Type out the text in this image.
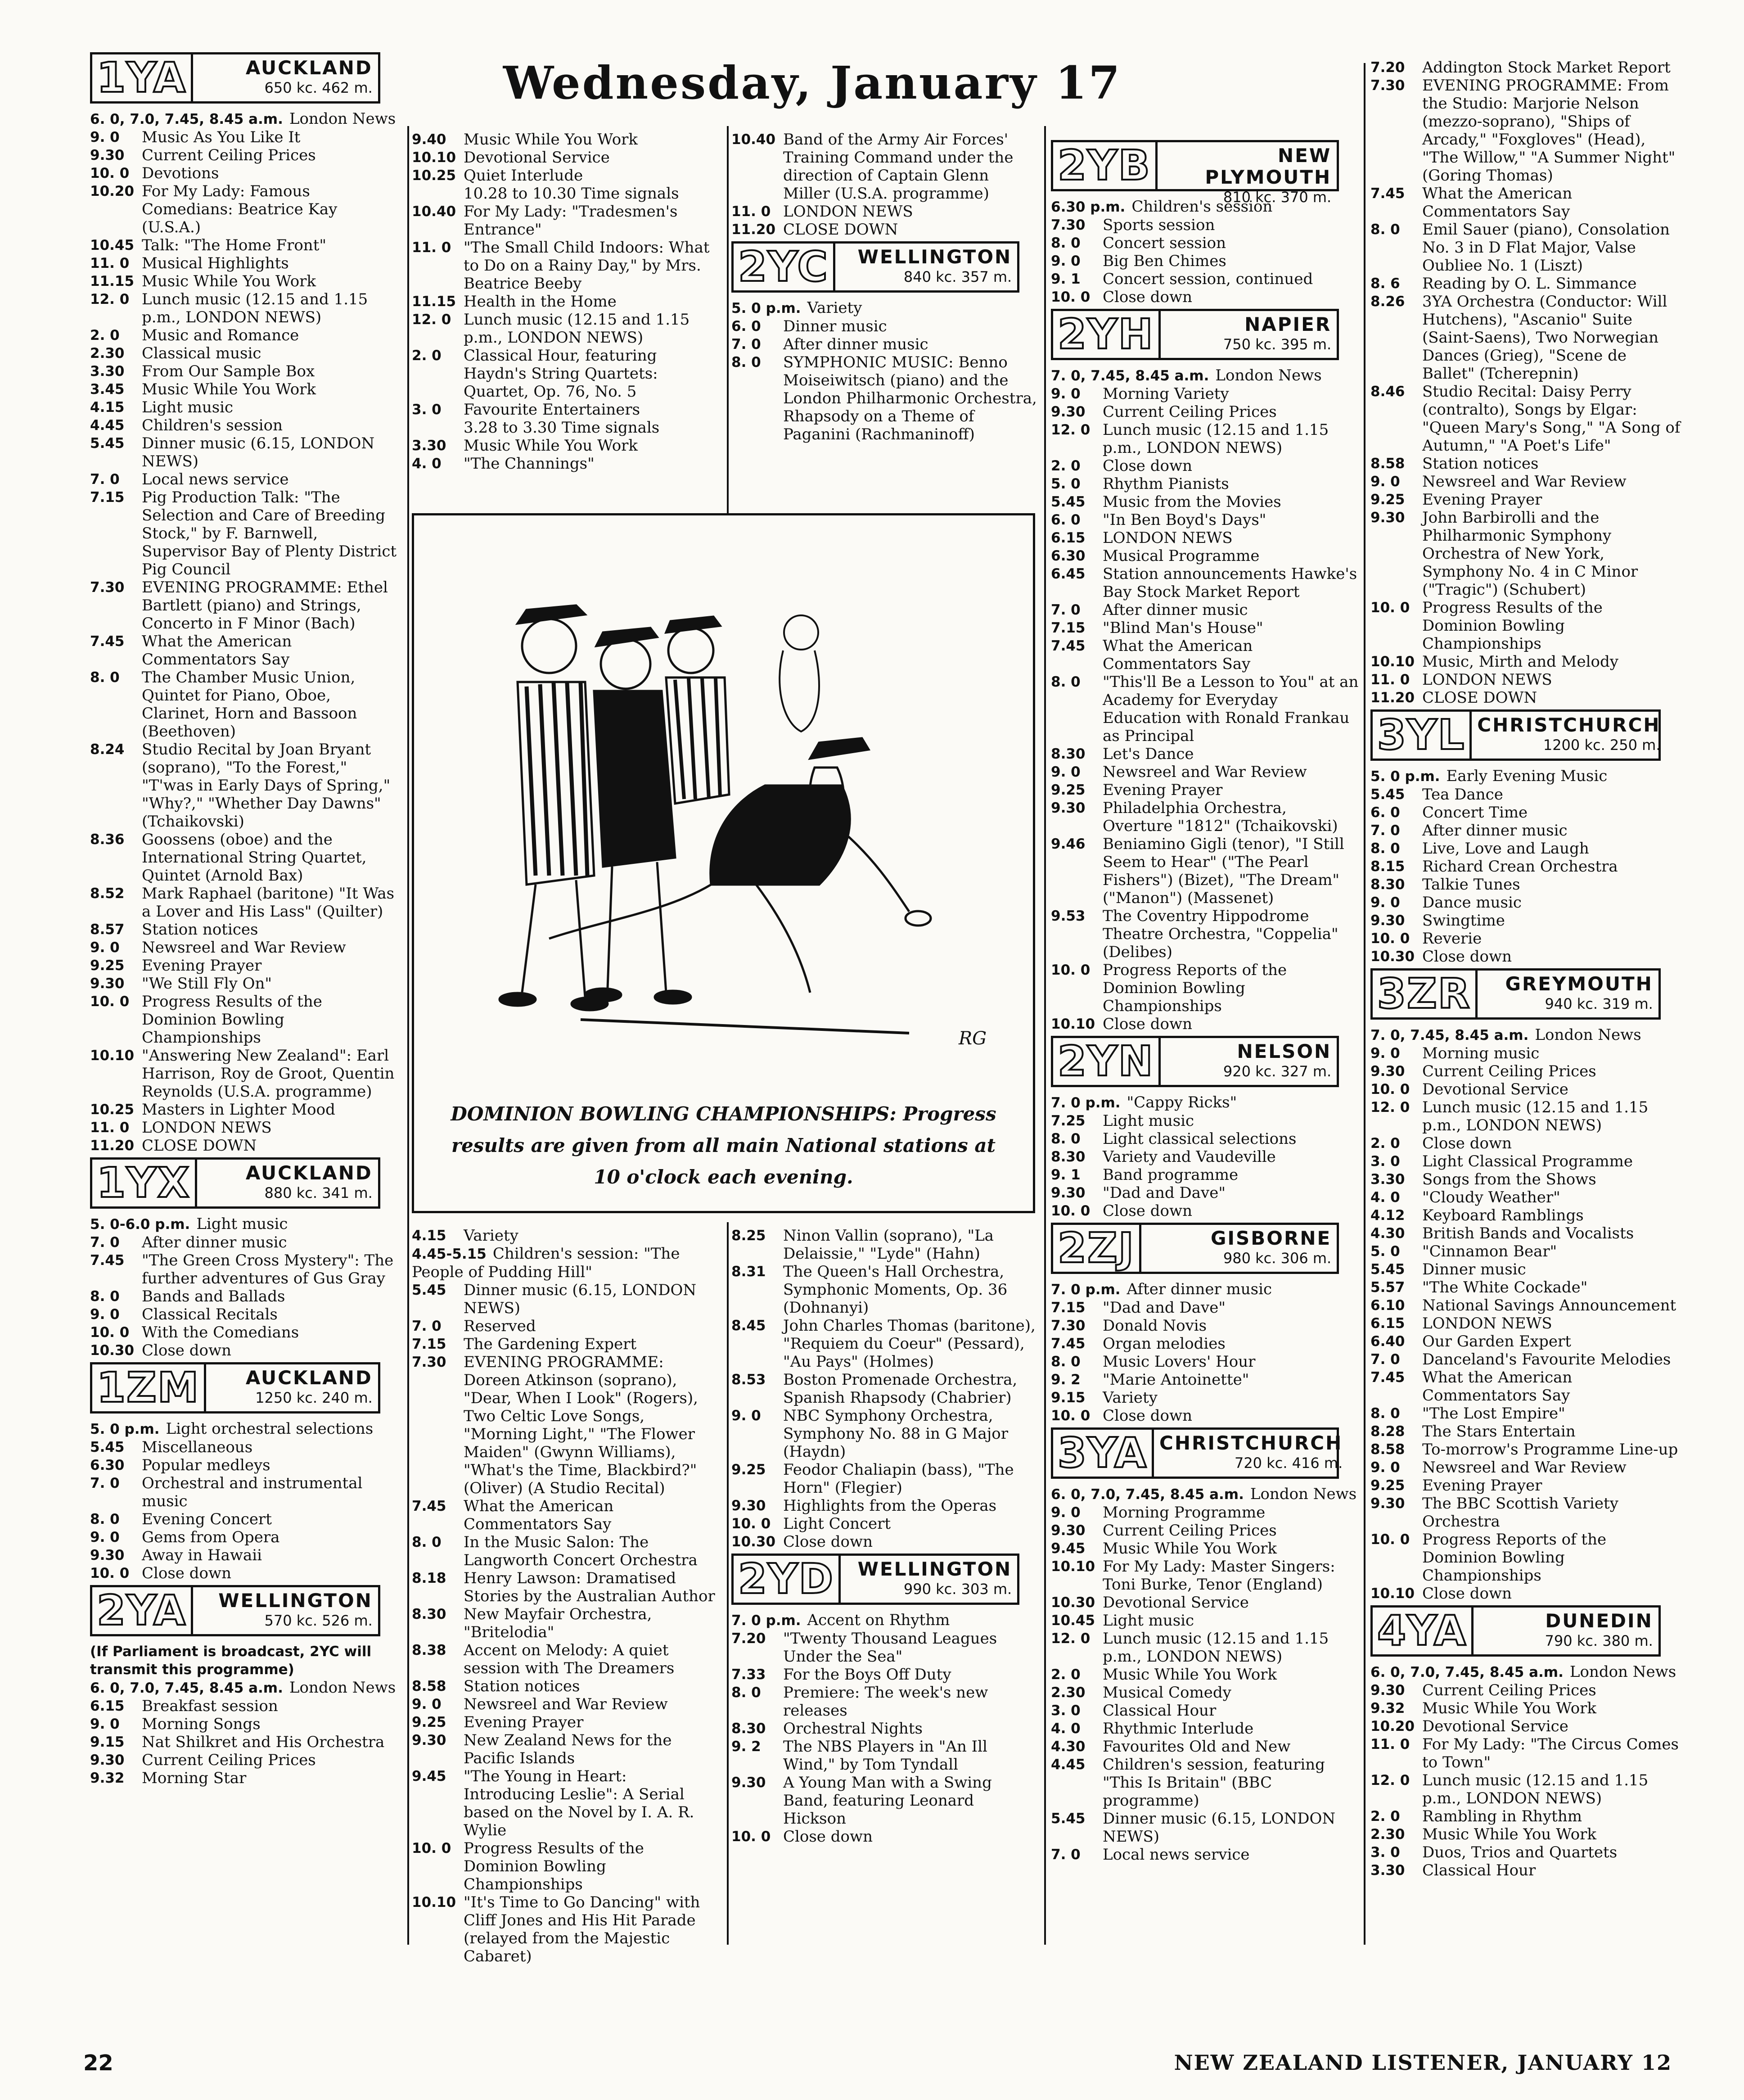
Wednesday, January 17
1YA	AUCKLAND
650 kc. 462 m.
6. 0, 7.0, 7.45, 8.45 a.m. London News
9. 0	Music As You Like It
9.30	Current Ceiling Prices
10. 0 Devotions
10.20 For My Lady: Famous Comedians: Beatrice Kay (U.S.A.)
10.45 Talk: "The Home Front"
11. 0 Musical Highlights
11.15 Music While You Work
12. 0 Lunch music (12.15 and 1.15 p.m., LONDON NEWS)
2. 0	Music and Romance
2.30	Classical music
3.30	From Our Sample Box
3.45	Music While You Work
4.15	Light music
4.45	Children's session
5.45	Dinner music (6.15, LONDON NEWS)
7. 0	Local news service
7.15	Pig Production Talk: "The Selection and Care of Breeding Stock," by F. Barnwell, Supervisor Bay of Plenty District Pig Council
7.30	EVENING PROGRAMME: Ethel Bartlett (piano) and Strings, Concerto in F Minor (Bach)
7.45	What the American Commentators Say
8. 0	The Chamber Music Union, Quintet for Piano, Oboe, Clarinet, Horn and Bassoon (Beethoven)
8.24	Studio Recital by Joan Bryant (soprano), "To the Forest," "T'was in Early Days of Spring," "Why?," "Whether Day Dawns" (Tchaikovski)
8.36	Goossens (oboe) and the International String Quartet, Quintet (Arnold Bax)
8.52	Mark Raphael (baritone) "It Was a Lover and His Lass" (Quilter)
8.57	Station notices
9. 0	Newsreel and War Review
9.25	Evening Prayer
9.30	"We Still Fly On"
10. 0 Progress Results of the Dominion Bowling Championships
10.10 "Answering New Zealand": Earl Harrison, Roy de Groot, Quentin Reynolds (U.S.A. programme)
10.25 Masters in Lighter Mood
11. 0 LONDON NEWS
11.20 CLOSE DOWN
1YX	AUCKLAND
880 kc. 341 m.
5. 0-6.0 p.m. Light music
7. 0	After dinner music
7.45	"The Green Cross Mystery": The further adventures of Gus Gray
8. 0	Bands and Ballads
9. 0	Classical Recitals
10. 0 With the Comedians
10.30 Close down
1ZM	AUCKLAND
1250 kc. 240 m.
5. 0 p.m. Light orchestral selections
5.45	Miscellaneous
6.30	Popular medleys
7. 0	Orchestral and instrumental music
8. 0	Evening Concert
9. 0	Gems from Opera
9.30	Away in Hawaii
10. 0 Close down
2YA	WELLINGTON
570 kc. 526 m.
(If Parliament is broadcast, 2YC will transmit this programme)
6. 0, 7.0, 7.45, 8.45 a.m. London News
6.15	Breakfast session
9. 0	Morning Songs
9.15	Nat Shilkret and His Orchestra
9.30	Current Ceiling Prices
9.32	Morning Star
9.40	Music While You Work
10.10 Devotional Service
10.25 Quiet Interlude
10.28 to 10.30 Time signals
10.40 For My Lady: "Tradesmen's Entrance"
11. 0 "The Small Child Indoors: What to Do on a Rainy Day," by Mrs. Beatrice Beeby
11.15 Health in the Home
12. 0 Lunch music (12.15 and 1.15 p.m., LONDON NEWS)
2. 0	Classical Hour, featuring Haydn's String Quartets: Quartet, Op. 76, No. 5
3. 0	Favourite Entertainers
3.28 to 3.30 Time signals
3.30	Music While You Work
4. 0	"The Channings"
10.40 Band of the Army Air Forces' Training Command under the direction of Captain Glenn Miller (U.S.A. programme)
11. 0 LONDON NEWS
11.20 CLOSE DOWN
2YC	WELLINGTON
840 kc. 357 m.
5. 0 p.m. Variety
6. 0	Dinner music
7. 0	After dinner music
8. 0	SYMPHONIC MUSIC: Benno Moiseiwitsch (piano) and the London Philharmonic Orchestra, Rhapsody on a Theme of Paganini (Rachmaninoff)
RG
DOMINION BOWLING CHAMPIONSHIPS: Progress
results are given from all main National stations at
10 o'clock each evening.
4.15	Variety
4.45-5.15 Children's session: "The People of Pudding Hill"
5.45	Dinner music (6.15, LONDON NEWS)
7. 0	Reserved
7.15	The Gardening Expert
7.30	EVENING PROGRAMME: Doreen Atkinson (soprano), "Dear, When I Look" (Rogers), Two Celtic Love Songs, "Morning Light," "The Flower Maiden" (Gwynn Williams), "What's the Time, Blackbird?" (Oliver) (A Studio Recital)
7.45	What the American Commentators Say
8. 0	In the Music Salon: The Langworth Concert Orchestra
8.18	Henry Lawson: Dramatised Stories by the Australian Author
8.30	New Mayfair Orchestra, "Britelodia"
8.38	Accent on Melody: A quiet session with The Dreamers
8.58	Station notices
9. 0	Newsreel and War Review
9.25	Evening Prayer
9.30	New Zealand News for the Pacific Islands
9.45	"The Young in Heart: Introducing Leslie": A Serial based on the Novel by I. A. R. Wylie
10. 0 Progress Results of the Dominion Bowling Championships
10.10 "It's Time to Go Dancing" with Cliff Jones and His Hit Parade (relayed from the Majestic Cabaret)
8.25	Ninon Vallin (soprano), "La Delaissie," "Lyde" (Hahn)
8.31	The Queen's Hall Orchestra, Symphonic Moments, Op. 36 (Dohnanyi)
8.45	John Charles Thomas (baritone), "Requiem du Coeur" (Pessard), "Au Pays" (Holmes)
8.53	Boston Promenade Orchestra, Spanish Rhapsody (Chabrier)
9. 0	NBC Symphony Orchestra, Symphony No. 88 in G Major (Haydn)
9.25	Feodor Chaliapin (bass), "The Horn" (Flegier)
9.30	Highlights from the Operas
10. 0 Light Concert
10.30 Close down
2YD	WELLINGTON
990 kc. 303 m.
7. 0 p.m. Accent on Rhythm
7.20	"Twenty Thousand Leagues Under the Sea"
7.33	For the Boys Off Duty
8. 0	Premiere: The week's new releases
8.30	Orchestral Nights
9. 2	The NBS Players in "An Ill Wind," by Tom Tyndall
9.30	A Young Man with a Swing Band, featuring Leonard Hickson
10. 0 Close down
2YB	NEW PLYMOUTH
810 kc. 370 m.
6.30 p.m. Children's session
7.30	Sports session
8. 0	Concert session
9. 0	Big Ben Chimes
9. 1	Concert session, continued
10. 0 Close down
2YH	NAPIER
750 kc. 395 m.
7. 0, 7.45, 8.45 a.m. London News
9. 0	Morning Variety
9.30	Current Ceiling Prices
12. 0 Lunch music (12.15 and 1.15 p.m., LONDON NEWS)
2. 0	Close down
5. 0	Rhythm Pianists
5.45	Music from the Movies
6. 0	"In Ben Boyd's Days"
6.15	LONDON NEWS
6.30	Musical Programme
6.45	Station announcements Hawke's Bay Stock Market Report
7. 0	After dinner music
7.15	"Blind Man's House"
7.45	What the American Commentators Say
8. 0	"This'll Be a Lesson to You" at an Academy for Everyday Education with Ronald Frankau as Principal
8.30	Let's Dance
9. 0	Newsreel and War Review
9.25	Evening Prayer
9.30	Philadelphia Orchestra, Overture "1812" (Tchaikovski)
9.46	Beniamino Gigli (tenor), "I Still Seem to Hear" ("The Pearl Fishers") (Bizet), "The Dream" ("Manon") (Massenet)
9.53	The Coventry Hippodrome Theatre Orchestra, "Coppelia" (Delibes)
10. 0 Progress Reports of the Dominion Bowling Championships
10.10 Close down
2YN	NELSON
920 kc. 327 m.
7. 0 p.m. "Cappy Ricks"
7.25	Light music
8. 0	Light classical selections
8.30	Variety and Vaudeville
9. 1	Band programme
9.30	"Dad and Dave"
10. 0 Close down
2ZJ	GISBORNE
980 kc. 306 m.
7. 0 p.m. After dinner music
7.15	"Dad and Dave"
7.30	Donald Novis
7.45	Organ melodies
8. 0	Music Lovers' Hour
9. 2	"Marie Antoinette"
9.15	Variety
10. 0 Close down
3YA CHRISTCHURCH
720 kc. 416 m.
6. 0, 7.0, 7.45, 8.45 a.m. London News
9. 0	Morning Programme
9.30	Current Ceiling Prices
9.45	Music While You Work
10.10 For My Lady: Master Singers: Toni Burke, Tenor (England)
10.30 Devotional Service
10.45 Light music
12. 0 Lunch music (12.15 and 1.15 p.m., LONDON NEWS)
2. 0	Music While You Work
2.30	Musical Comedy
3. 0	Classical Hour
4. 0	Rhythmic Interlude
4.30	Favourites Old and New
4.45	Children's session, featuring "This Is Britain" (BBC programme)
5.45	Dinner music (6.15, LONDON NEWS)
7. 0	Local news service
7.20	Addington Stock Market Report
7.30	EVENING PROGRAMME: From the Studio: Marjorie Nelson (mezzo-soprano), "Ships of Arcady," "Foxgloves" (Head), "The Willow," "A Summer Night" (Goring Thomas)
7.45	What the American Commentators Say
8. 0	Emil Sauer (piano), Consolation No. 3 in D Flat Major, Valse Oubliee No. 1 (Liszt)
8. 6	Reading by O. L. Simmance
8.26	3YA Orchestra (Conductor: Will Hutchens), "Ascanio" Suite (Saint-Saens), Two Norwegian Dances (Grieg), "Scene de Ballet" (Tcherepnin)
8.46	Studio Recital: Daisy Perry (contralto), Songs by Elgar: "Queen Mary's Song," "A Song of Autumn," "A Poet's Life"
8.58	Station notices
9. 0	Newsreel and War Review
9.25	Evening Prayer
9.30	John Barbirolli and the Philharmonic Symphony Orchestra of New York, Symphony No. 4 in C Minor ("Tragic") (Schubert)
10. 0 Progress Results of the Dominion Bowling Championships
10.10 Music, Mirth and Melody
11. 0 LONDON NEWS
11.20 CLOSE DOWN
3YL CHRISTCHURCH
1200 kc. 250 m.
5. 0 p.m. Early Evening Music
5.45	Tea Dance
6. 0	Concert Time
7. 0	After dinner music
8. 0	Live, Love and Laugh
8.15	Richard Crean Orchestra
8.30	Talkie Tunes
9. 0	Dance music
9.30	Swingtime
10. 0 Reverie
10.30 Close down
3ZR	GREYMOUTH
940 kc. 319 m.
7. 0, 7.45, 8.45 a.m. London News
9. 0	Morning music
9.30	Current Ceiling Prices
10. 0 Devotional Service
12. 0 Lunch music (12.15 and 1.15 p.m., LONDON NEWS)
2. 0	Close down
3. 0	Light Classical Programme
3.30	Songs from the Shows
4. 0	"Cloudy Weather"
4.12	Keyboard Ramblings
4.30	British Bands and Vocalists
5. 0	"Cinnamon Bear"
5.45	Dinner music
5.57	"The White Cockade"
6.10	National Savings Announcement
6.15	LONDON NEWS
6.40	Our Garden Expert
7. 0	Danceland's Favourite Melodies
7.45	What the American Commentators Say
8. 0	"The Lost Empire"
8.28	The Stars Entertain
8.58	To-morrow's Programme Line-up
9. 0	Newsreel and War Review
9.25	Evening Prayer
9.30	The BBC Scottish Variety Orchestra
10. 0 Progress Reports of the Dominion Bowling Championships
10.10 Close down
4YA	DUNEDIN
790 kc. 380 m.
6. 0, 7.0, 7.45, 8.45 a.m. London News
9.30	Current Ceiling Prices
9.32	Music While You Work
10.20 Devotional Service
11. 0 For My Lady: "The Circus Comes to Town"
12. 0 Lunch music (12.15 and 1.15 p.m., LONDON NEWS)
2. 0	Rambling in Rhythm
2.30	Music While You Work
3. 0	Duos, Trios and Quartets
3.30	Classical Hour
22	NEW ZEALAND LISTENER, JANUARY 12
